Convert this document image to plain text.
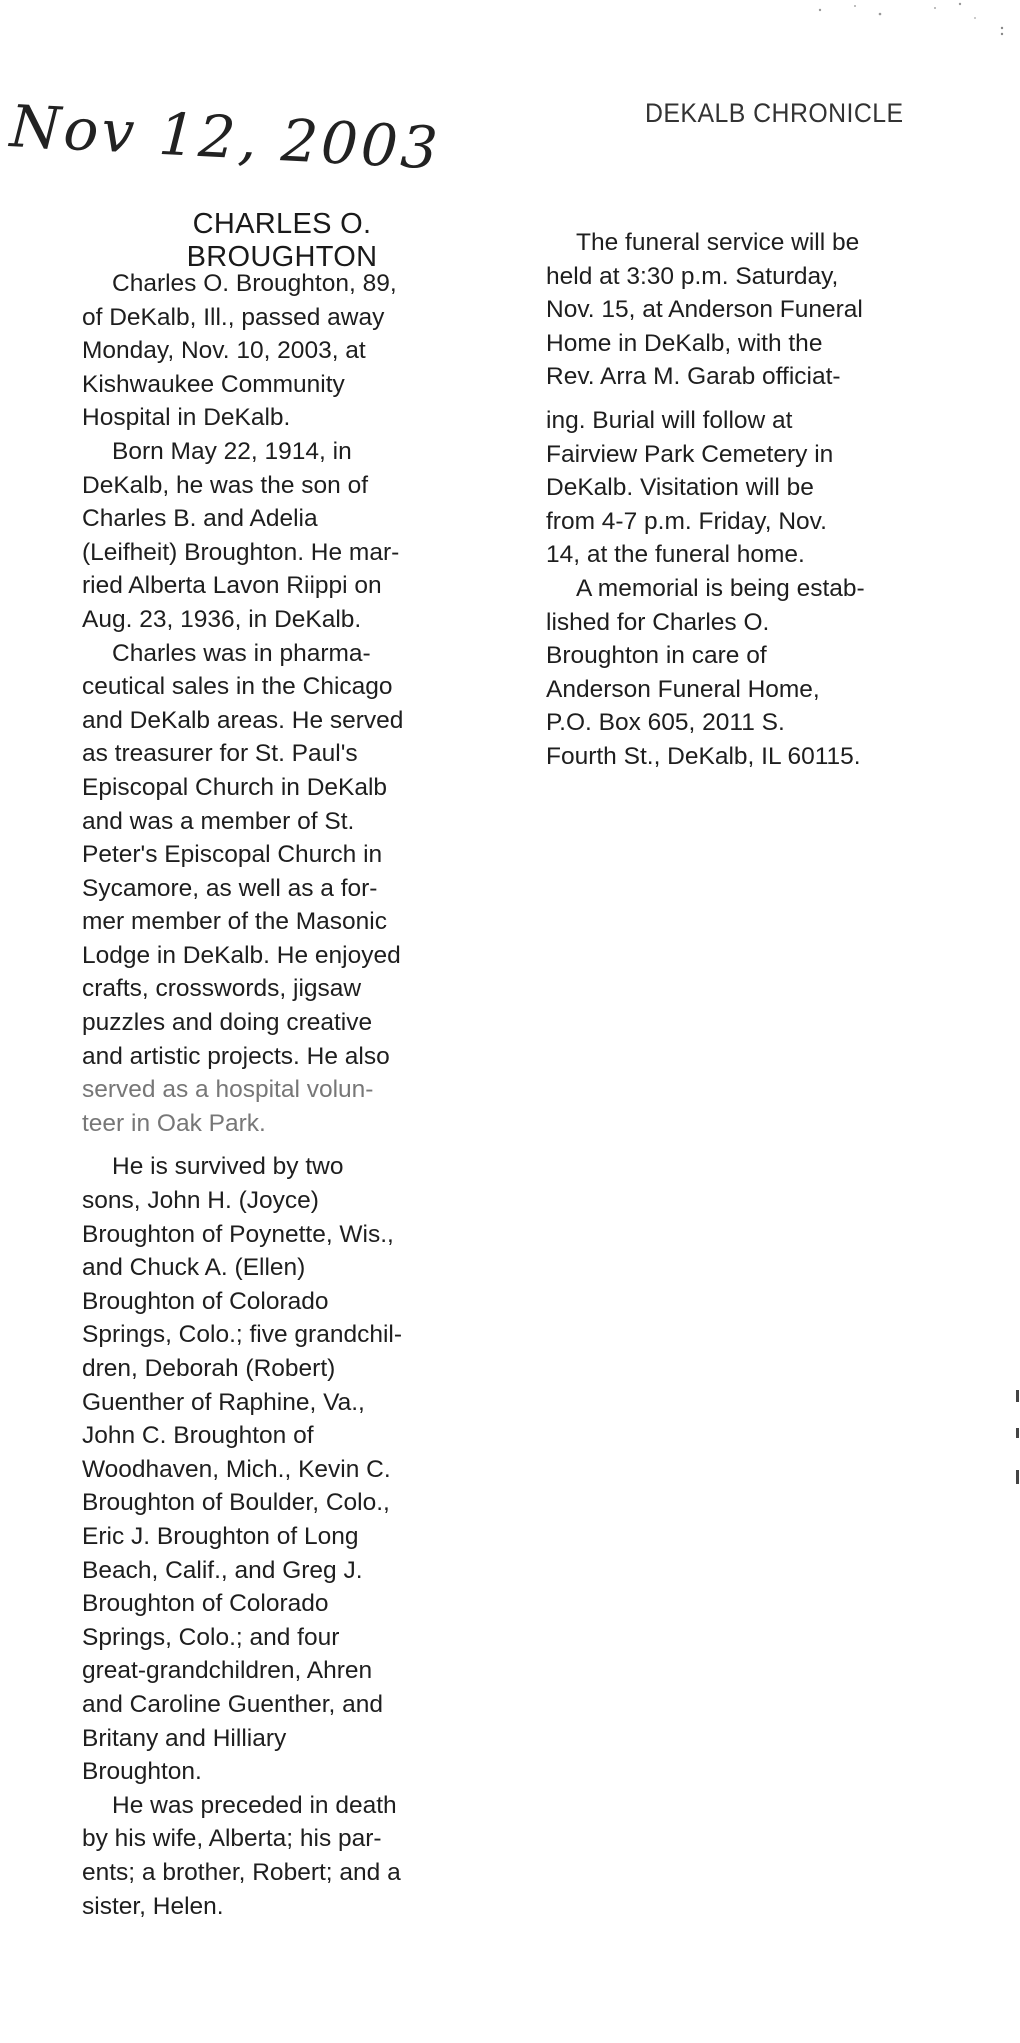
Nov 12, 2003	DEKALB CHRONICLE
CHARLES O.
BROUGHTON
Charles O. Broughton, 89,
of DeKalb, Ill., passed away
Monday, Nov. 10, 2003, at
Kishwaukee Community
Hospital in DeKalb.
Born May 22, 1914, in
DeKalb, he was the son of
Charles B. and Adelia
(Leifheit) Broughton. He mar-
ried Alberta Lavon Riippi on
Aug. 23, 1936, in DeKalb.
Charles was in pharma-
ceutical sales in the Chicago
and DeKalb areas. He served
as treasurer for St. Paul's
Episcopal Church in DeKalb
and was a member of St.
Peter's Episcopal Church in
Sycamore, as well as a for-
mer member of the Masonic
Lodge in DeKalb. He enjoyed
crafts, crosswords, jigsaw
puzzles and doing creative
and artistic projects. He also
served as a hospital volun-
teer in Oak Park.
He is survived by two
sons, John H. (Joyce)
Broughton of Poynette, Wis.,
and Chuck A. (Ellen)
Broughton of Colorado
Springs, Colo.; five grandchil-
dren, Deborah (Robert)
Guenther of Raphine, Va.,
John C. Broughton of
Woodhaven, Mich., Kevin C.
Broughton of Boulder, Colo.,
Eric J. Broughton of Long
Beach, Calif., and Greg J.
Broughton of Colorado
Springs, Colo.; and four
great-grandchildren, Ahren
and Caroline Guenther, and
Britany and Hilliary
Broughton.
He was preceded in death
by his wife, Alberta; his par-
ents; a brother, Robert; and a
sister, Helen.
The funeral service will be
held at 3:30 p.m. Saturday,
Nov. 15, at Anderson Funeral
Home in DeKalb, with the
Rev. Arra M. Garab officiat-
ing. Burial will follow at
Fairview Park Cemetery in
DeKalb. Visitation will be
from 4-7 p.m. Friday, Nov.
14, at the funeral home.
A memorial is being estab-
lished for Charles O.
Broughton in care of
Anderson Funeral Home,
P.O. Box 605, 2011 S.
Fourth St., DeKalb, IL 60115.
